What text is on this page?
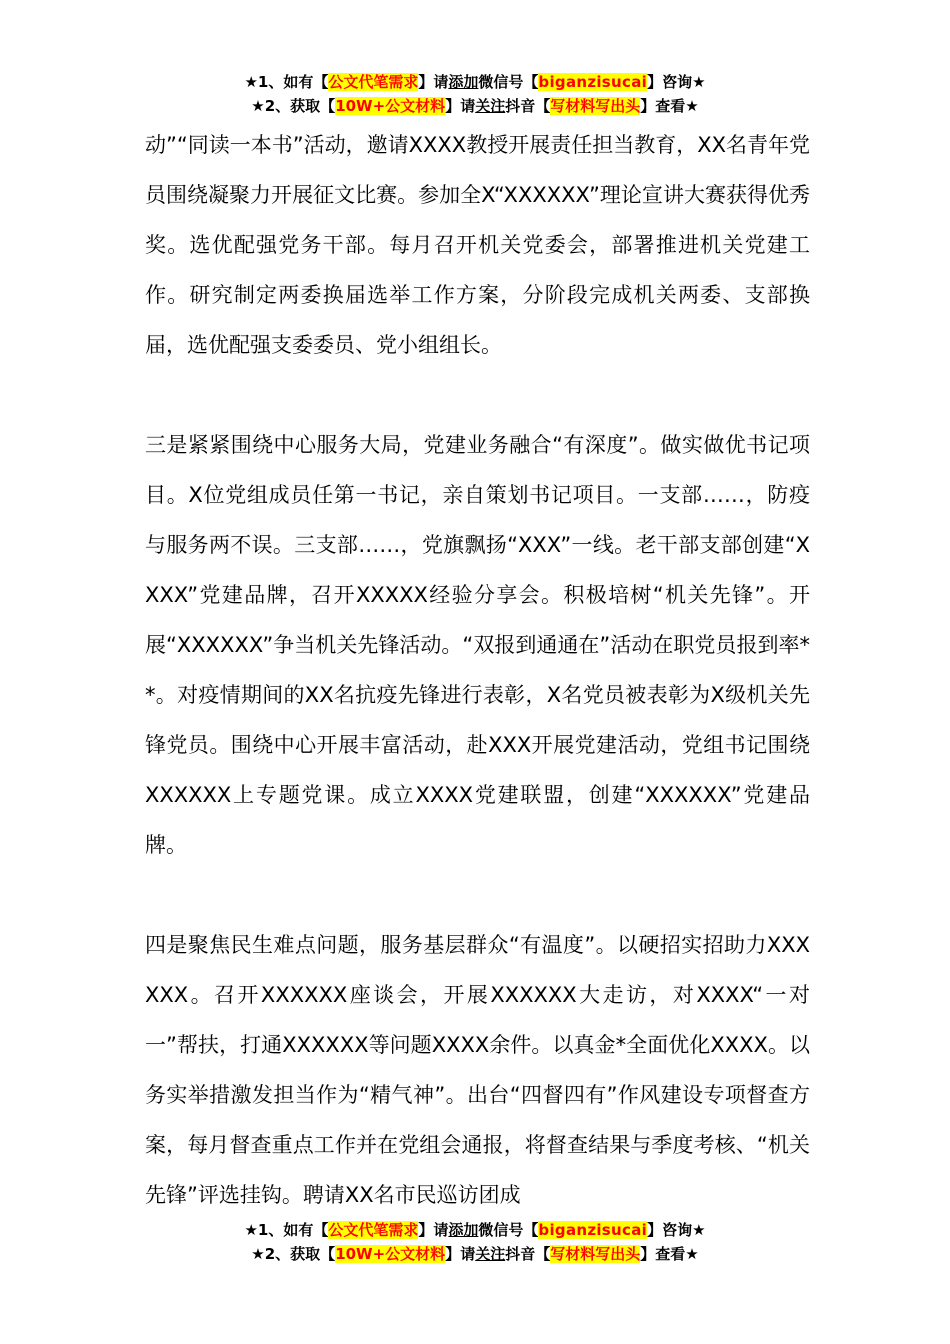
★1、如有【公文代笔需求】请添加微信号【biganzisucai】咨询★
★2、获取【10W+公文材料】请关注抖音【写材料写出头】查看★

动”“同读一本书”活动，邀请XXXX教授开展责任担当教育，XX名青年党员围绕凝聚力开展征文比赛。参加全X“XXXXXX”理论宣讲大赛获得优秀奖。选优配强党务干部。每月召开机关党委会，部署推进机关党建工作。研究制定两委换届选举工作方案，分阶段完成机关两委、支部换届，选优配强支委委员、党小组组长。

三是紧紧围绕中心服务大局，党建业务融合“有深度”。做实做优书记项目。X位党组成员任第一书记，亲自策划书记项目。一支部……，防疫与服务两不误。三支部……，党旗飘扬“XXX”一线。老干部支部创建“XXXX”党建品牌，召开XXXXX经验分享会。积极培树“机关先锋”。开展“XXXXXX”争当机关先锋活动。“双报到通通在”活动在职党员报到率**。对疫情期间的XX名抗疫先锋进行表彰，X名党员被表彰为X级机关先锋党员。围绕中心开展丰富活动，赴XXX开展党建活动，党组书记围绕XXXXXX上专题党课。成立XXXX党建联盟，创建“XXXXXX”党建品牌。

四是聚焦民生难点问题，服务基层群众“有温度”。以硬招实招助力XXXXXX。召开XXXXXX座谈会，开展XXXXXX大走访，对XXXX“一对一”帮扶，打通XXXXXX等问题XXXX余件。以真金*全面优化XXXX。以务实举措激发担当作为“精气神”。出台“四督四有”作风建设专项督查方案，每月督查重点工作并在党组会通报，将督查结果与季度考核、“机关先锋”评选挂钩。聘请XX名市民巡访团成

★1、如有【公文代笔需求】请添加微信号【biganzisucai】咨询★
★2、获取【10W+公文材料】请关注抖音【写材料写出头】查看★
